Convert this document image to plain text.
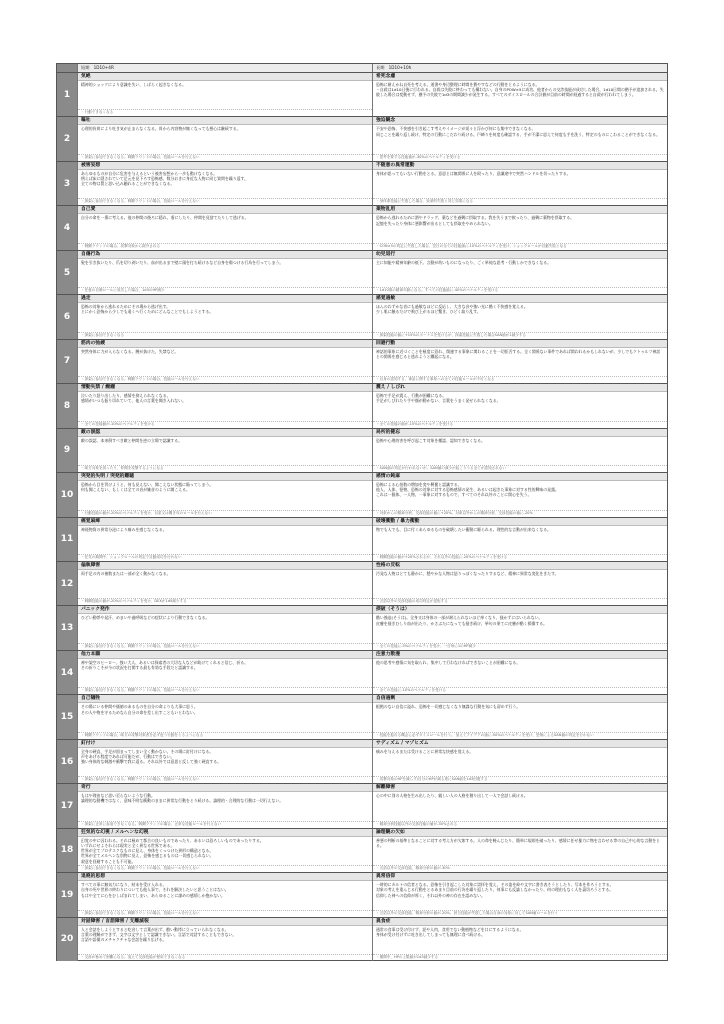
短期　1D10+4R	長期　1D10+10h
1
気絶
精神的ショックにより意識を失い、しばらく起きなくなる。
・行動できなくなる
希死念慮
恐怖に耐えかね自死を考える。道書や身辺整理に時間を費やすなどの行動をとるようになる。
・自殺は1d10日後に行われる。自殺は失敗に終わっても構わない。自身のPOW×5に成功、他者からの交渉技能が成功した場合、1d10日間の猶予が追加される。失敗した場合は変動せず、猶予の失敗で1d3の期間減少が発生する。すべてのダイスロールの合計値が目前の時間が経過すると自殺が行われてしまう。
2
嘔吐
心理的負荷により吐き気が止まらなくなる。胃から内容物が無くなっても悪心は継続する。
・探索に参加できなくなる。戦闘ラウンドの場合、技能ロールを行えない
強迫観念
不安や恐怖、不快感を引き起こす考えやイメージが延々と浮かび何にも集中できなくなる。
同じことを繰り返し続け、特定の行動にこだわり続ける。戸締りを何度も確認する、手が不潔に思えて何度も手を洗う、特定のものにこわることができなくなる。
・思考を要する技能値が-30%のペナルティを受ける
3
被害妄想
あらゆるものが自分に危害を与えるという被害妄想から一歩も動けなくなる。
例えば床に隠されていて足元を見下ろす恐怖感、数分おきに身近な人物に同じ質問を繰り返す。
全ての物は罠と思い込み触れることができなくなる。
・探索に参加できなくなる。戦闘ラウンドの場合、技能ロールを行えない
不随意の異常運動
身体が思ってもいない行動をとる。意思とは無関係に人を殴ったり、意識途中で突然ハンドルを切ったりする。
・身体系技能に失敗した場合、致命的失敗と同じ効果になる
4
自己愛
自分の命を一番に考える。他の仲間の後ろに隠れ、盾にしたり、仲間を見捨てたりして逃げる。
・戦闘ラウンドの場合、攻撃対象から除外される
薬物乱用
恐怖から逃れるために酒やドラッグ、薬などを過剰に摂取する。我を失うまで飲ったり、過剰に薬物を摂取する。
記憶を失ったり身体に悪影響が出るとしても摂取をやめられない。
・CON×5の判定に失敗した場合、翌日の全ての技能値に-10%のペナルティを受け、ショックロールが自動失敗となる
5
自傷行為
髪を引き抜いたり、爪を切り剥いだり、血が出るまで壁に頭を打ち続けるなど自身を傷つける行為を行ってしまう。
・任意の自傷ロールに成功した場合、1d3のHP減少
幼児退行
主に知能や精神年齢の低下。言動が幼いものになったり、ごく単純な思考・行動しかできなくなる。
・1d10歳の精神年齢になる。すべての技能値に-40%のペナルティを受ける
6
過走
恐怖の対象から逃れるためにその場から逃げ出す。
とにかく恐怖から少しでも遠くへ行くためにどんなことでもしようとする。
・探索に参加できなくなる
感覚過敏
ほんのわずかな音にも過敏なほどに反応し、大きな音や強い光に酷く不快感を覚える。
少し肌に触るだけで飛び上がるほど驚き、ひどく取り乱す。
・探索技能の値に+15%のボーナスを受けるが、探索技能に失敗した場合SAN値が1減少する
7
筋肉の弛緩
突然身体に力が入らなくなる。腰が抜けた、失禁など。
・探索に参加できなくなる。戦闘ラウンドの場合、技能ロールを行えない
回避行動
神話的事象に近づくことを極度に恐れ、関連する事象に関わることを一切拒否する。全く関係ない事件であれば関われるかもしれないが、少しでもクトゥルフ神話との関係を感じると逃れようと躍起になる。
・自身の認知する、神話に関する事象への全ての技能ロールが不可となる
8
情動失禁 / 癇癪
泣いたり怒り出したり、感情を抑えられなくなる。
感情がいつも振り切れていて、他人の言葉を聞き入れない。
・全ての技能値が-10%のペナルティを受ける
震え / しびれ
恐怖で手足が震え、行動が困難になる。
手足がしびれたり手や顔が動かない、言葉をうまく発せられなくなる。
・全ての技能の値が-15%のペナルティを受ける
9
敵の誤認
敵の誤認、本来倒すべき敵と仲間を逆の立場で認識する。
・味方対象を誤ったり、仲間を攻撃するようになる
局所的健忘
恐怖や心理的害を呼び起こす対象を種認、認知できなくなる。
・SAN値の判定が行われないが、SAN値の減少が起こりうる全てが認知されない
10
突発的失明 / 突発的難聴
恐怖から目を背けようと、何も見えない、聞こえない状態に陥ってしまう。
何も聞こえない、もしくは全ての音が雑音のように聞こえる。
・行動技能の値が-20%のペナルティを受け、目星又は聞き耳のロールを行えない
感情の鈍麻
恐怖による心拍数の増加を変や興奮と認識する。
他人、人体、怪物、恐怖の対象に対する恐怖感情の発生、あるいは起きた事象に対する性的興味の発露。
これは一個体、一人物、一事象に対するもので、すべてのそれ以外のことに関心を失う。
・対象からの精神分析、交渉技能の値に+20%。対象以外からの精神分析、交渉技能の値に-20%
11
痛覚麻痺
神経物質の異常分泌により痛みを感じなくなる。
・狂気の期間中、ショックロールの判定で自動成功を行わない
破壊衝動 / 暴力衝動
物でも人でも、目に付くあらゆるものを破壊したい衝動に駆られる。理性的な言動が出来なくなる。
・戦闘技能の値が+20%されるが、それ以外の技能に-20%のペナルティを受ける
12
偏執障害
両手足の内の複数または一部が全く動かなくなる。
・戦闘技能の値が-20%のペナルティを受け、DEXが1d5減少する
性格の反転
汚発な人物はとても静かに、穏やかな人物は怒りっぽくなったりするなど、精神に異常な変化をきたす。
・言語以外の交渉技能の成功判定が逆転する
13
パニック発作
ひどい動悸や発汗、めまいや過呼吸などの症状により行動できなくなる。
・探索に参加できなくなる。戦闘ラウンドの場合、技能ロールを行えない
摂破（そうは）
酷い強迫(そうは)。全身又は身体の一部が耐えられないほど痒くなり、掻かずにはいられない。
皮膚を掻きむしり血が出たり、かさぶたになっても掻き続け、挙句の果てに皮膚が酷く損傷する。
・全ての技能に-5%のペナルティを受け、一日毎に1のHP減少
14
他力本願
神や架空のヒーロー、強い大人、あるいは探索者の大切な人などが助けてくれると信じ、祈る。
その祈りこそが今の状況を打開する最も有効な手段だと認識する。
・探索に参加できなくなる。戦闘ラウンドの場合、技能ロールを行えない
注意力散漫
他の思考や感情に気を取られ、集中して行わなければできないことが困難になる。
・全ての技能に-10%のペナルティを受ける
15
自己犠牲
その場にいる仲間や価値のあるものを自分の命よりも大事に思う。
その人や物を守るためなら自分の命を差し出すこともいとわない。
・戦闘ラウンドの場合、味方の攻撃対象者を必ず庇う行動をとるようになる
自信過剰
根拠のない自信に溢れ、恐怖を一切感じなくなり無謀な行動を気にも留めず行う。
・技能を振れる機会に必ずダイスロールを行う。 加えてアイデアの値に-50%のペナルティを受け、恐怖によるSAN値の判定を行わない
16
釘付け
全身の硬直、手足が固まってしまい全く動かない。その場に釘付けになる。
声をあげる程度であれば可能だが、行動はできない。
強い身体的な刺激や衝撃で我に返る。それ以外では意思と反して強く硬直する。
・探索に参加できなくなる。戦闘ラウンドの場合、技能ロールを行えない
サディズム / マゾヒズム
痛みを与えるまたは受けることに異常な快感を覚える。
・攻撃対象のHPを減らす/自分のHPが減る度にSAN値を1d3回復する
17
奇行
もはや理由など思い至らないような行動。
論理的な動機ではなく、意味不明な衝動のままに異常な行動をとり続ける。論理的・合理的な行動は一切行えない。
・探索に正常に参加できなくなる。戦闘ラウンドの場合、正常な技能ロールを行えない
解離障害
心の中に別の人格を生み出したり、親しい人の人格を創り出して一人で会話し続ける。
・精神分析技能以外の交渉技能の値が-30%される
18
狂気的な幻視 / メルヘンな幻視
幻覚の中に囚われる。それは極めて都合の良いものであったり、あるいは恐ろしいものであったりする。
いずれにせよそれらは現実と全く異なる世界である。
世界が全てプロテスクなものに見え、身体をくっつけた異形の構造となる。
世界が全てメルヘンな別物に見え、恐怖を感じるものは一切感じられない。
殺意を回避することも不可能。
・探索に参加できなくなる。戦闘ラウンドの場合、技能ロールを行えない
論理観の欠如
善悪の判断の基準となることに対する考え方が欠如する。人の命を軽んじたり、簡単に規則を破ったり、感情に任せ暴力に物を言わせる等の自己中心的な言動をとる。
・言語以外の交渉技能、精神分析の値が-30%
19
退廃的思想
すべての事に無気力になり、結末を受け入れる。
自身の死や世界の終わりについても他人事で、それを解決したいと思うことはない。
もはや全てに心をむしばまれてしまい、あらゆることに諦めの感情しか抱かない。
・探索に参加できなくなる。戦闘ラウンドの場合、技能ロールを行えない
異常信仰
一時的にカルトの信者となる。恐怖を引き起こした対象に崇拝を覚え、その姿を絵や文字に書き表そうとしたり、写本を作ろうとする。
対象の考えを重んじる行動をとるあまり目前の行為を繰り返したり、何事にも反論しなかったり、何の理由もなく人を裏切ろうとする。
信仰した神への信仰が厚く、それ以外の神の存在を認めない。
・言語以外の交渉技能、精神分析の値が-20%。該当技能が失敗した場合自身の対象に対してSAN値ロールを行う
20
対話障害 / 言語障害 / 支離滅裂
人と会話をしようとすると吃音して言葉が出ず、酷い動悸に立っていられなくなる。
言葉の理解ができず、文字は文字として認識できない。言語で対話することもできない。
言語や語彙のメチャクチャな会話を繰り広げる。
・交渉が極めて困難になる。加えて交渉技能が使用できなくなる
異食症
通常の食事は受け付けず、泥や人肉、食用でない動植物などを口にするようになる。
身体が受け付けずに吐き出してしまっても無理に食べ続ける。
・期間中、HPの上限値が1d3減少する
